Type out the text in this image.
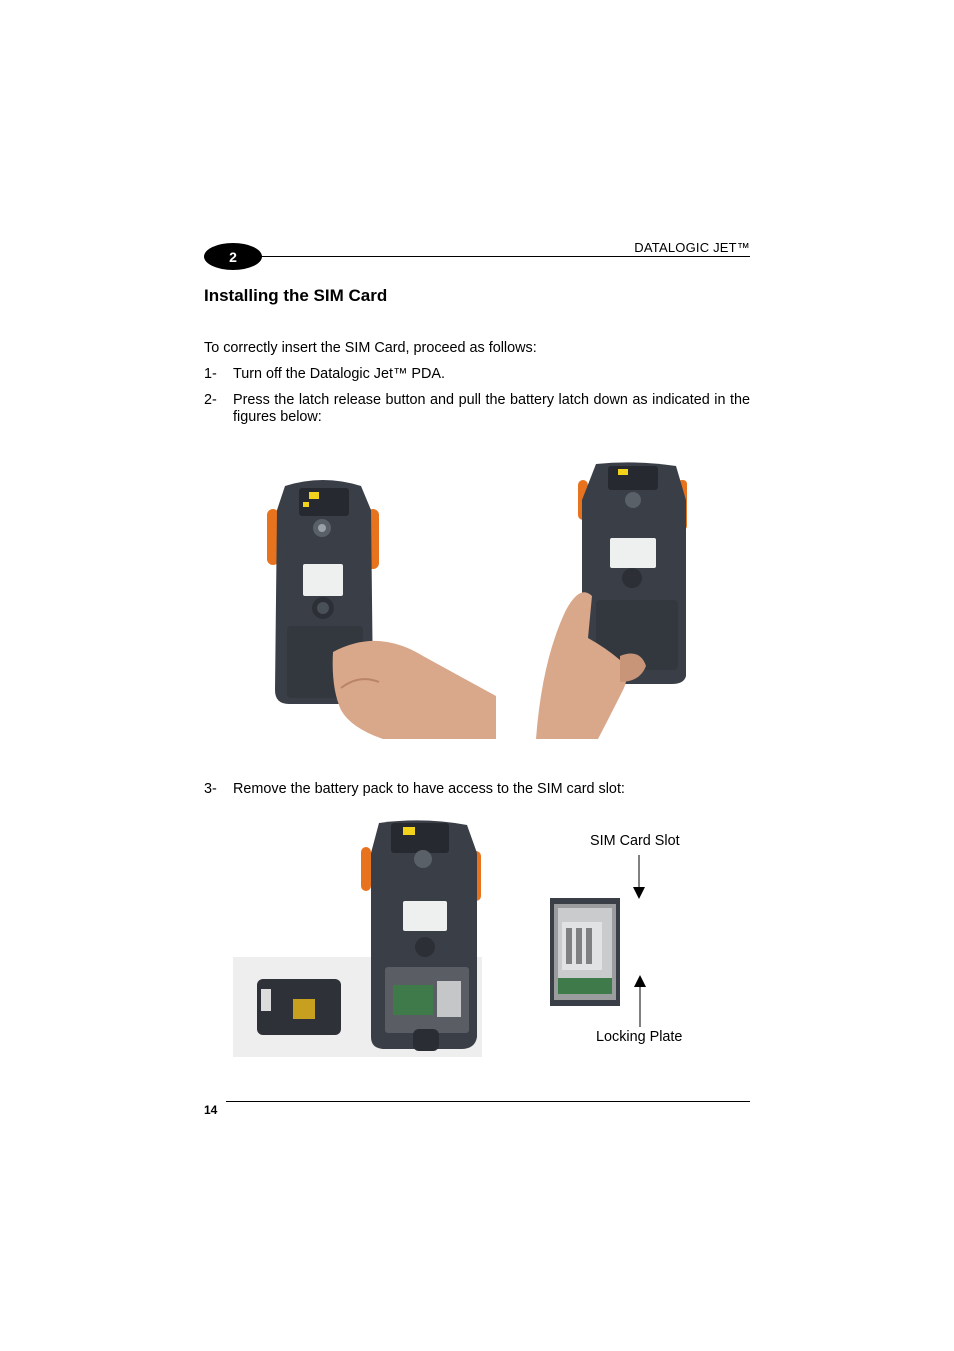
2
DATALOGIC JET™
Installing the SIM Card
To correctly insert the SIM Card, proceed as follows:
1- Turn off the Datalogic Jet™ PDA.
2- Press the latch release button and pull the battery latch down as indicated in the figures below:
3- Remove the battery pack to have access to the SIM card slot:
SIM Card Slot
Locking Plate
14
